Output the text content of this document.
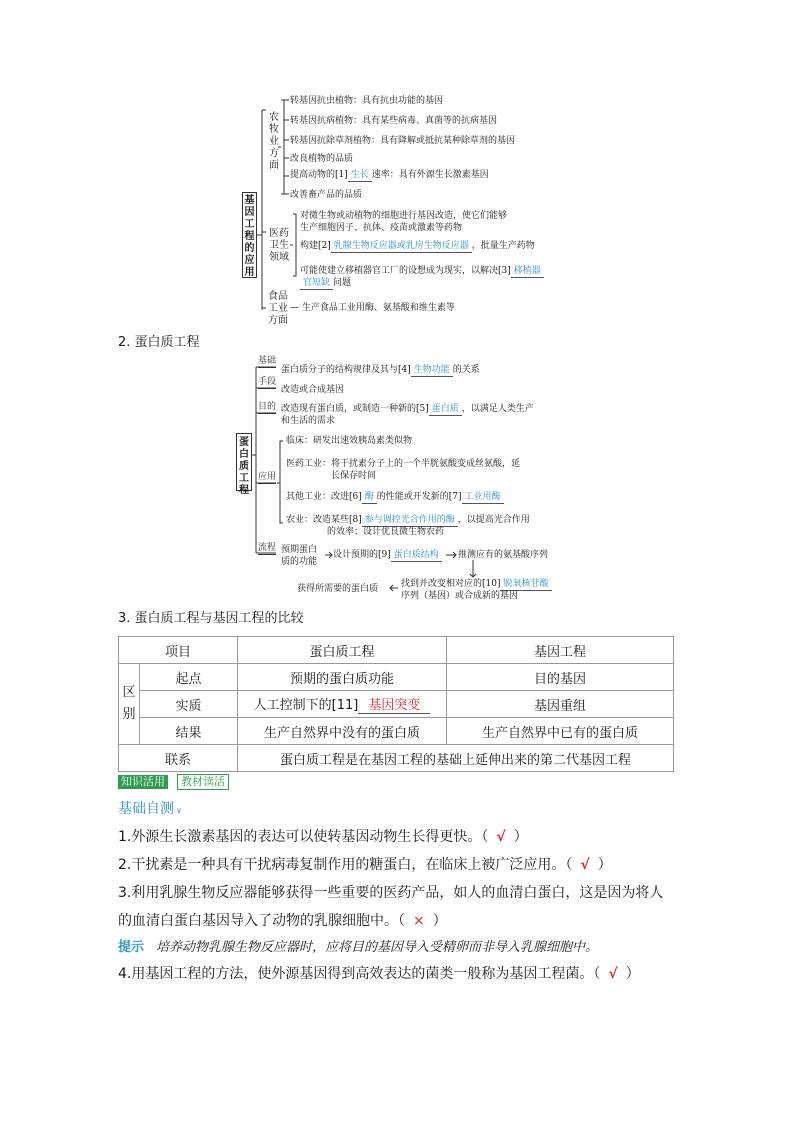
基因工程的应用
农牧业方面
转基因抗虫植物：具有抗虫功能的基因
转基因抗病植物：具有某些病毒、真菌等的抗病基因
转基因抗除草剂植物：具有降解或抵抗某种除草剂的基因
改良植物的品质
提高动物的[1] 生长 速率：具有外源生长激素基因
改善畜产品的品质
医药卫生领域
对微生物或动植物的细胞进行基因改造，使它们能够
生产细胞因子、抗体、疫苗或激素等药物
构建[2] 乳腺生物反应器或乳房生物反应器 ，批量生产药物
可能使建立移植器官工厂的设想成为现实，以解决[3] 移植器
官短缺 问题
食品工业方面
— 生产食品工业用酶、氨基酸和维生素等
2. 蛋白质工程
蛋白质工程
基础
蛋白质分子的结构规律及其与[4] 生物功能 的关系
手段
改造或合成基因
目的 改造现有蛋白质，或制造一种新的[5] 蛋白质 ，以满足人类生产
和生活的需求
应用
临床：研发出速效胰岛素类似物
医药工业：将干扰素分子上的一个半胱氨酸变成丝氨酸，延
长保存时间
其他工业：改进[6] 酶 的性能或开发新的[7] 工业用酶
农业：改造某些[8] 参与调控光合作用的酶 ，以提高光合作用
的效率；设计优良微生物农药
流程 预期蛋白
质的功能
设计预期的[9] 蛋白质结构	推测应有的氨基酸序列
找到并改变相对应的[10] 脱氧核苷酸
序列（基因）或合成新的基因
获得所需要的蛋白质
3. 蛋白质工程与基因工程的比较
项目		蛋白质工程	基因工程
区
别	起点	预期的蛋白质功能	目的基因
	实质	人工控制下的[11] 基因突变	基因重组
	结果	生产自然界中没有的蛋白质	生产自然界中已有的蛋白质
联系		蛋白质工程是在基因工程的基础上延伸出来的第二代基因工程	
知识活用	教材读活
基础自测 ∨
1.外源生长激素基因的表达可以使转基因动物生长得更快。（ √ ）
2.干扰素是一种具有干扰病毒复制作用的糖蛋白，在临床上被广泛应用。（ √ ）
3.利用乳腺生物反应器能够获得一些重要的医药产品，如人的血清白蛋白，这是因为将人
的血清白蛋白基因导入了动物的乳腺细胞中。（ × ）
提示 培养动物乳腺生物反应器时，应将目的基因导入受精卵而非导入乳腺细胞中。
4.用基因工程的方法，使外源基因得到高效表达的菌类一般称为基因工程菌。（ √ ）
